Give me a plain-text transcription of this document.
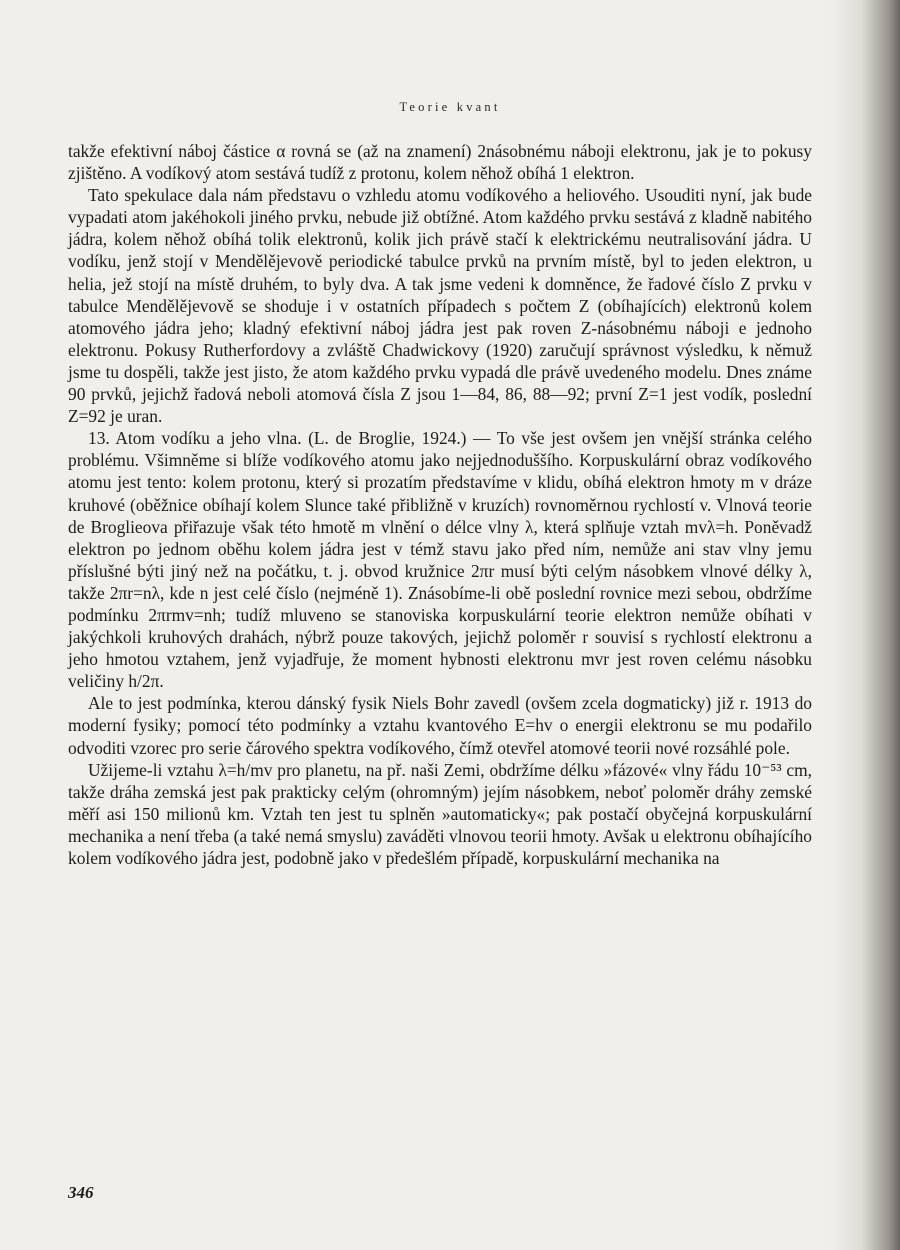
Teorie kvant

takže efektivní náboj částice α rovná se (až na znamení) 2násobnému náboji elektronu, jak je to pokusy zjištěno. A vodíkový atom sestává tudíž z protonu, kolem něhož obíhá 1 elektron.

Tato spekulace dala nám představu o vzhledu atomu vodíkového a heliového. Usouditi nyní, jak bude vypadati atom jakéhokoli jiného prvku, nebude již obtížné. Atom každého prvku sestává z kladně nabitého jádra, kolem něhož obíhá tolik elektronů, kolik jich právě stačí k elektrickému neutralisování jádra. U vodíku, jenž stojí v Mendělějevově periodické tabulce prvků na prvním místě, byl to jeden elektron, u helia, jež stojí na místě druhém, to byly dva. A tak jsme vedeni k domněnce, že řadové číslo Z prvku v tabulce Mendělějevově se shoduje i v ostatních případech s počtem Z (obíhajících) elektronů kolem atomového jádra jeho; kladný efektivní náboj jádra jest pak roven Z-násobnému náboji e jednoho elektronu. Pokusy Rutherfordovy a zvláště Chadwickovy (1920) zaručují správnost výsledku, k němuž jsme tu dospěli, takže jest jisto, že atom každého prvku vypadá dle právě uvedeného modelu. Dnes známe 90 prvků, jejichž řadová neboli atomová čísla Z jsou 1—84, 86, 88—92; první Z=1 jest vodík, poslední Z=92 je uran.

13. Atom vodíku a jeho vlna. (L. de Broglie, 1924.) — To vše jest ovšem jen vnější stránka celého problému. Všimněme si blíže vodíkového atomu jako nejjednoduššího. Korpuskulární obraz vodíkového atomu jest tento: kolem protonu, který si prozatím představíme v klidu, obíhá elektron hmoty m v dráze kruhové (oběžnice obíhají kolem Slunce také přibližně v kruzích) rovnoměrnou rychlostí v. Vlnová teorie de Broglieova přiřazuje však této hmotě m vlnění o délce vlny λ, která splňuje vztah mvλ=h. Poněvadž elektron po jednom oběhu kolem jádra jest v témž stavu jako před ním, nemůže ani stav vlny jemu příslušné býti jiný než na počátku, t. j. obvod kružnice 2πr musí býti celým násobkem vlnové délky λ, takže 2πr=nλ, kde n jest celé číslo (nejméně 1). Znásobíme-li obě poslední rovnice mezi sebou, obdržíme podmínku 2πrmv=nh; tudíž mluveno se stanoviska korpuskulární teorie elektron nemůže obíhati v jakýchkoli kruhových drahách, nýbrž pouze takových, jejichž poloměr r souvisí s rychlostí elektronu a jeho hmotou vztahem, jenž vyjadřuje, že moment hybnosti elektronu mvr jest roven celému násobku veličiny h/2π.

Ale to jest podmínka, kterou dánský fysik Niels Bohr zavedl (ovšem zcela dogmaticky) již r. 1913 do moderní fysiky; pomocí této podmínky a vztahu kvantového E=hv o energii elektronu se mu podařilo odvoditi vzorec pro serie čárového spektra vodíkového, čímž otevřel atomové teorii nové rozsáhlé pole.

Užijeme-li vztahu λ=h/mv pro planetu, na př. naši Zemi, obdržíme délku »fázové« vlny řádu 10⁻⁵³ cm, takže dráha zemská jest pak prakticky celým (ohromným) jejím násobkem, neboť poloměr dráhy zemské měří asi 150 milionů km. Vztah ten jest tu splněn »automaticky«; pak postačí obyčejná korpuskulární mechanika a není třeba (a také nemá smyslu) zaváděti vlnovou teorii hmoty. Avšak u elektronu obíhajícího kolem vodíkového jádra jest, podobně jako v předešlém případě, korpuskulární mechanika na

346
